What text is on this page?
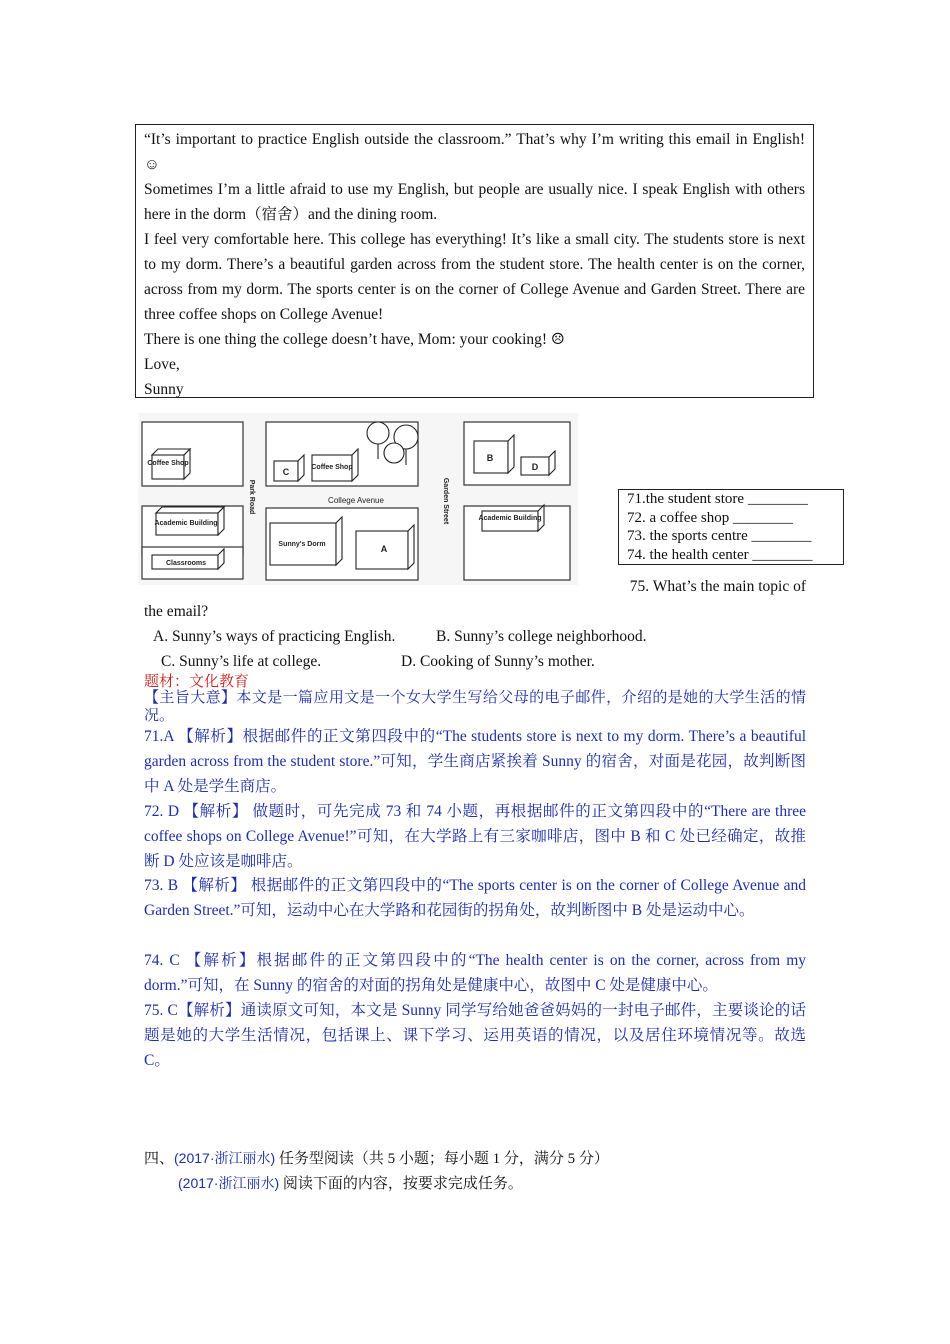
“It’s important to practice English outside the classroom.” That’s why I’m writing this email in English! ☺

Sometimes I’m a little afraid to use my English, but people are usually nice. I speak English with others here in the dorm（宿舍）and the dining room.

I feel very comfortable here. This college has everything! It’s like a small city. The students store is next to my dorm. There’s a beautiful garden across from the student store. The health center is on the corner, across from my dorm. The sports center is on the corner of College Avenue and Garden Street. There are three coffee shops on College Avenue!

There is one thing the college doesn’t have, Mom: your cooking! ☹

Love,

Sunny

Coffee Shop
Academic Building
Classrooms
C	Coffee Shop
College Avenue
Sunny's Dorm	A
B
D
Academic Building
Park Road	Garden Street	71.the student store ________
72. a coffee shop ________
73. the sports centre ________
74. the health center ________
75. What’s the main topic of
the email?
A. Sunny’s ways of practicing English.	B. Sunny’s college neighborhood.
C. Sunny’s life at college.	D. Cooking of Sunny’s mother.
题材：文化教育
【主旨大意】本文是一篇应用文是一个女大学生写给父母的电子邮件，介绍的是她的大学生活的情况。
71.A 【解析】根据邮件的正文第四段中的“The students store is next to my dorm. There’s a beautiful garden across from the student store.”可知，学生商店紧挨着 Sunny 的宿舍，对面是花园，故判断图中 A 处是学生商店。
72. D 【解析】 做题时，可先完成 73 和 74 小题，再根据邮件的正文第四段中的“There are three coffee shops on College Avenue!”可知，在大学路上有三家咖啡店，图中 B 和 C 处已经确定，故推断 D 处应该是咖啡店。
73. B 【解析】 根据邮件的正文第四段中的“The sports center is on the corner of College Avenue and Garden Street.”可知，运动中心在大学路和花园街的拐角处，故判断图中 B 处是运动中心。
74. C 【解析】根据邮件的正文第四段中的“The health center is on the corner, across from my dorm.”可知，在 Sunny 的宿舍的对面的拐角处是健康中心，故图中 C 处是健康中心。
75. C【解析】通读原文可知，本文是 Sunny 同学写给她爸爸妈妈的一封电子邮件，主要谈论的话题是她的大学生活情况，包括课上、课下学习、运用英语的情况，以及居住环境情况等。故选 C。
四、(2017·浙江丽水) 任务型阅读（共 5 小题；每小题 1 分，满分 5 分）
(2017·浙江丽水) 阅读下面的内容，按要求完成任务。
